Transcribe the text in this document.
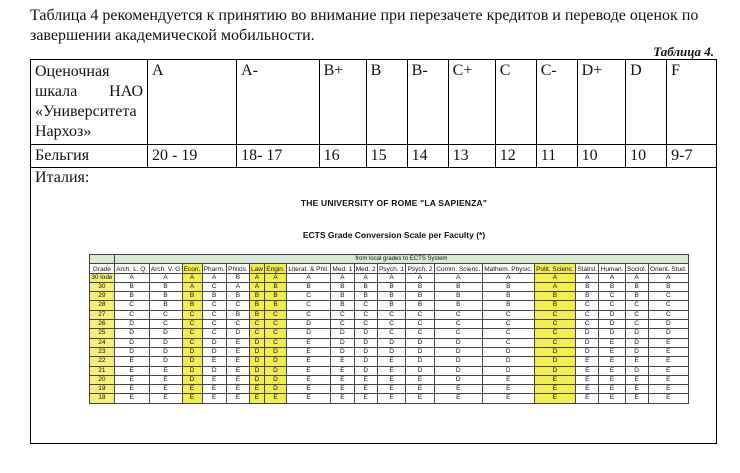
Таблица 4 рекомендуется к принятию во внимание при перезачете кредитов и переводе оценок по завершении академической мобильности.
Таблица 4.
Оценочная шкала НАО «Университета Нархоз»	A	A-	B+	B	B-	C+	C	C-	D+	D	F
Бельгия	20 - 19	18- 17	16	15	14	13	12	11	10	10	9-7

Италия:
THE UNIVERSITY OF ROME "LA SAPIENZA"
ECTS Grade Conversion Scale per Faculty (*)
	from local grades to ECTS System
Grade	Arch. L. Q.	Arch. V. G	Econ.	Pharm.	Philos.	Law	Engin.	Literat. & Phil.	Med. 1	Med. 2	Psych. 1	Psych. 2	Comm. Scienc.	Mathem. Physic.	Polit. Scienc.	Statist.	Human.	Sociol.	Orient. Stud.
30 lode	A	A	A	A	B	A	A	A	A	A	A	A	A	A	A	A	A	A	A
30	B	B	A	C	A	A	B	B	B	B	B	B	B	B	A	B	B	B	B
29	B	B	B	B	B	B	B	C	B	B	B	B	B	B	B	B	C	B	C
28	C	B	B	C	C	B	B	C	B	C	B	B	B	B	B	C	C	C	C
27	C	C	C	C	B	B	C	C	C	C	C	C	C	C	C	C	D	C	C
26	D	C	C	C	C	C	C	D	C	C	C	C	C	C	C	C	D	C	D
25	D	D	C	C	D	C	C	D	D	D	C	C	C	C	C	D	D	D	D
24	D	D	C	D	E	D	C	E	D	D	D	D	D	C	C	D	E	D	E
23	D	D	D	D	E	D	D	E	D	D	D	D	D	D	D	D	E	D	E
22	E	D	D	E	E	D	D	E	E	D	E	D	D	D	D	E	E	E	E
21	E	E	D	D	E	D	D	E	E	D	E	D	D	D	D	E	E	D	E
20	E	E	D	E	E	D	D	E	E	E	E	E	D	E	E	E	E	E	E
19	E	E	E	E	E	E	D	E	E	E	E	E	E	E	E	E	E	E	E
18	E	E	E	E	E	E	E	E	E	E	E	E	E	E	E	E	E	E	E
